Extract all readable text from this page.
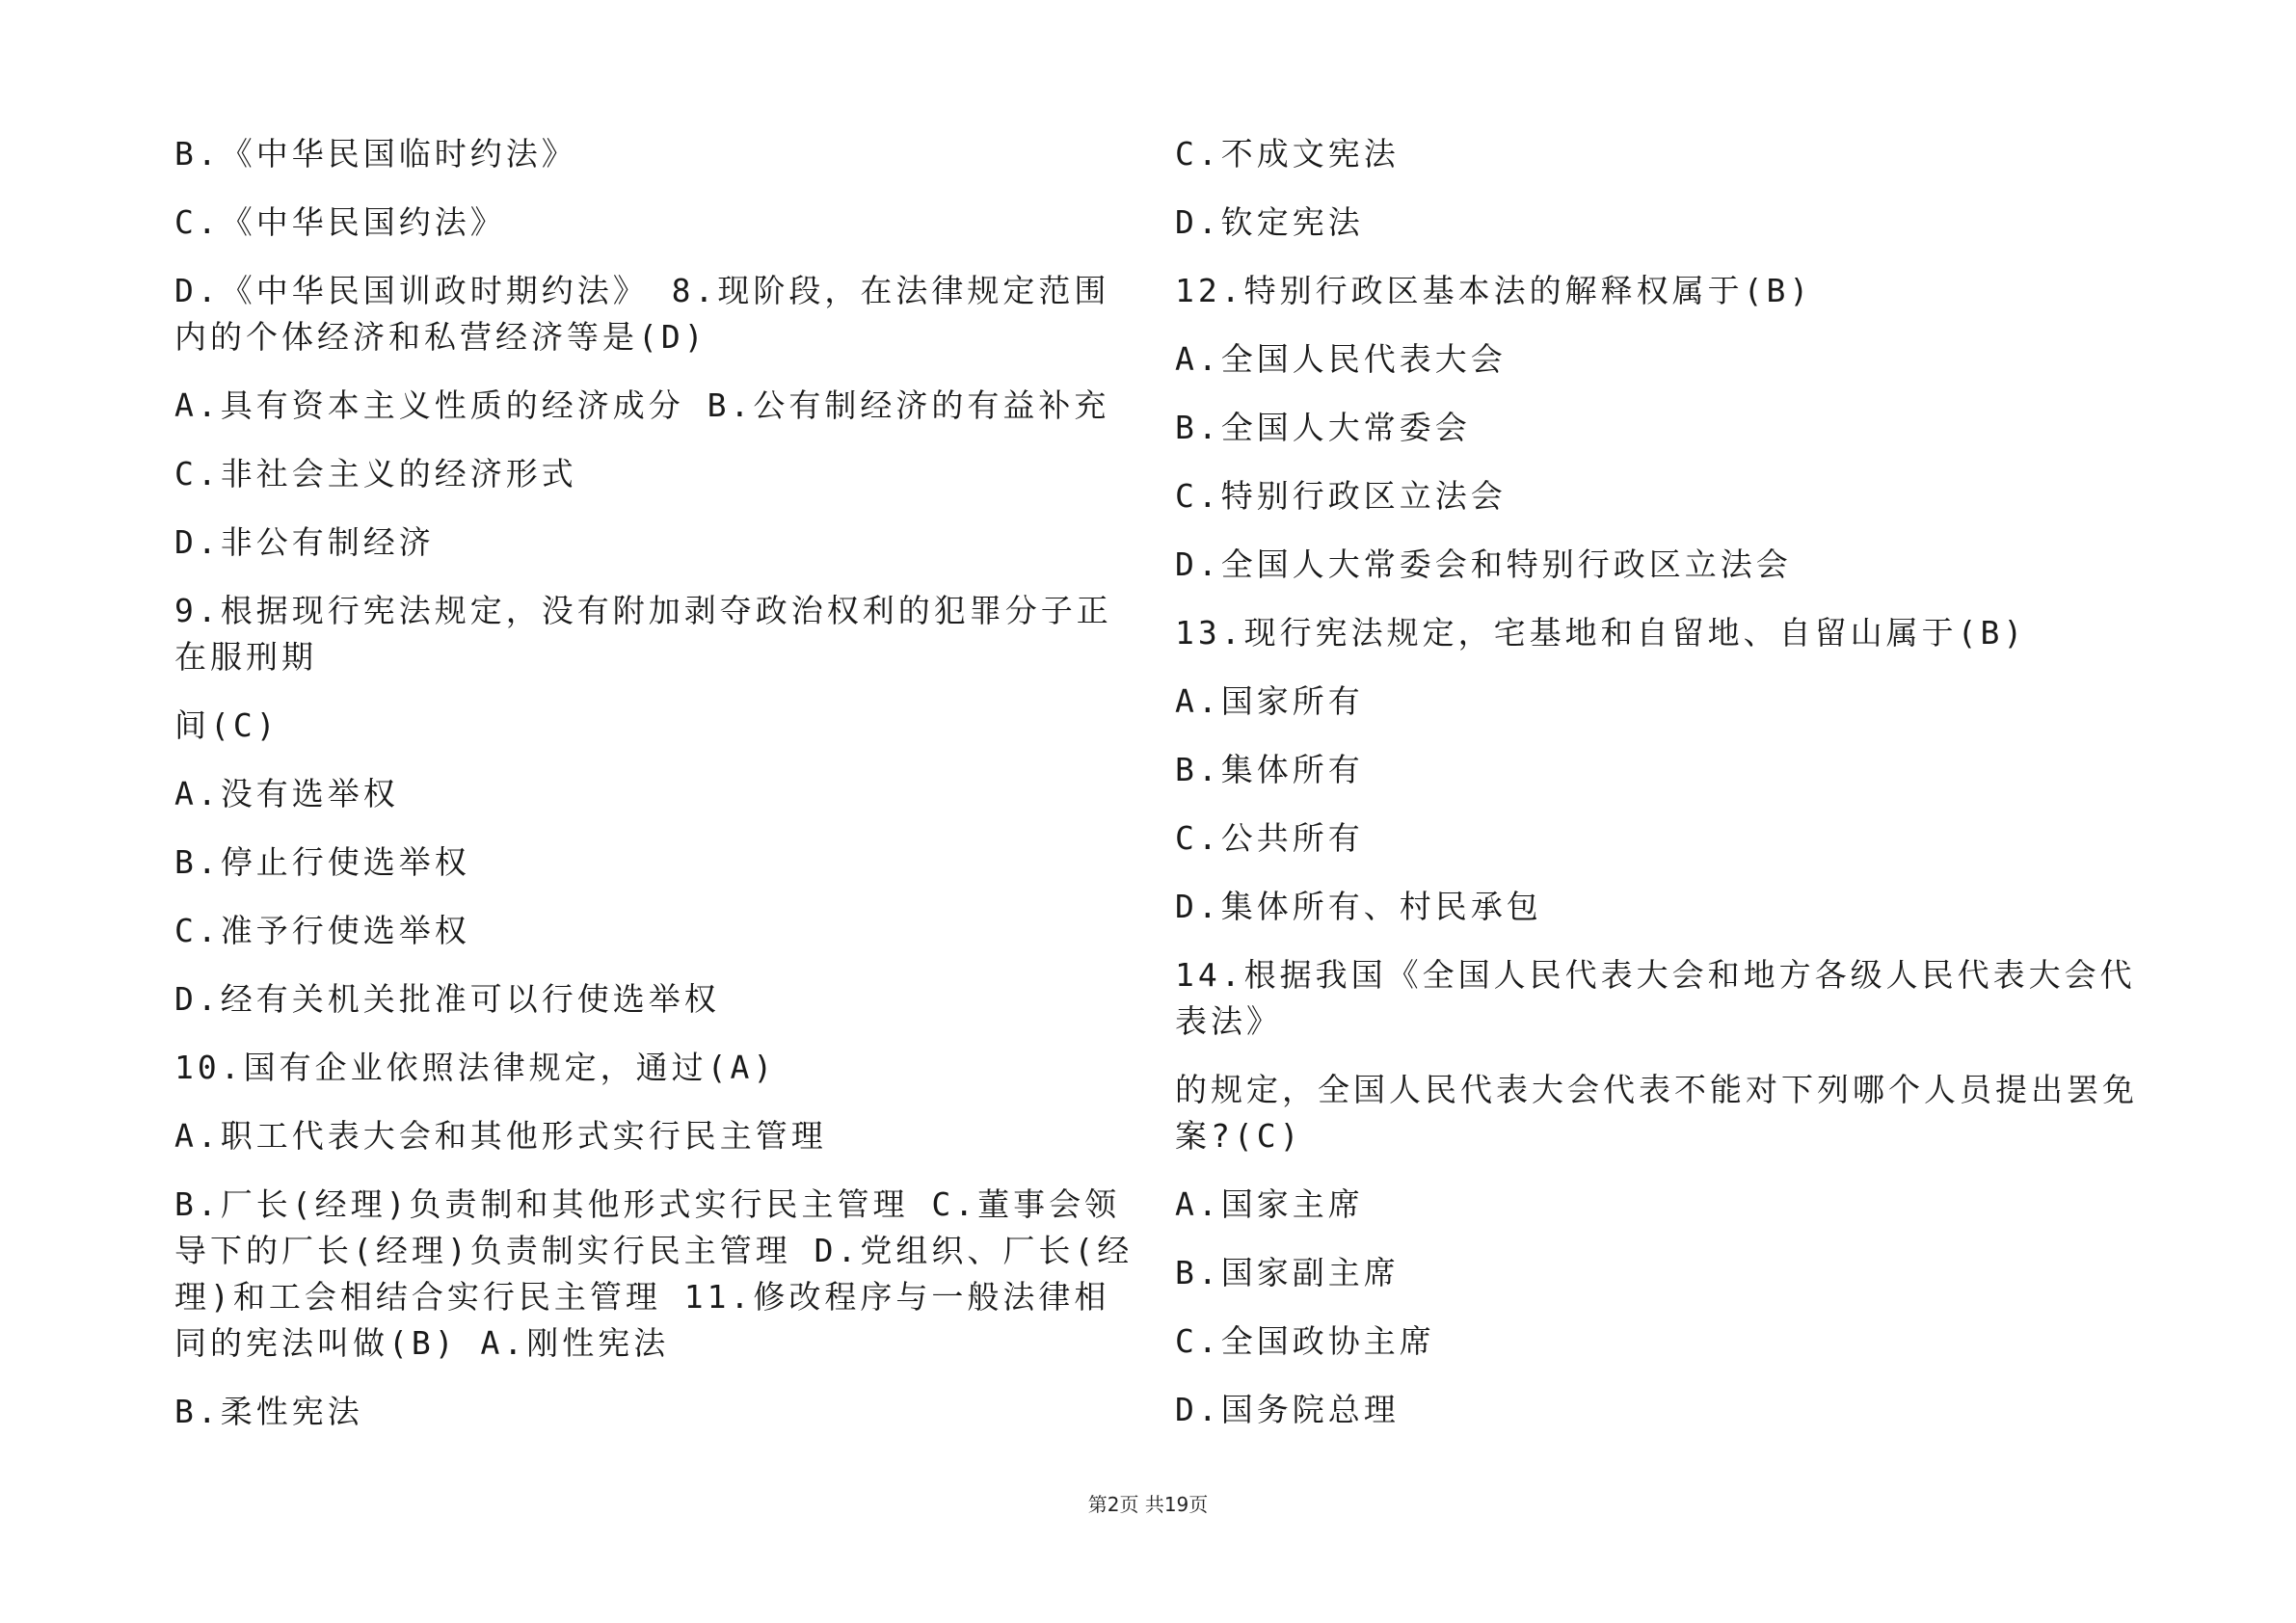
B.《中华民国临时约法》

C.《中华民国约法》

D.《中华民国训政时期约法》 8.现阶段，在法律规定范围内的个体经济和私营经济等是(D)

A.具有资本主义性质的经济成分 B.公有制经济的有益补充

C.非社会主义的经济形式

D.非公有制经济

9.根据现行宪法规定，没有附加剥夺政治权利的犯罪分子正在服刑期

间(C)

A.没有选举权

B.停止行使选举权

C.准予行使选举权

D.经有关机关批准可以行使选举权

10.国有企业依照法律规定，通过(A)

A.职工代表大会和其他形式实行民主管理

B.厂长(经理)负责制和其他形式实行民主管理 C.董事会领导下的厂长(经理)负责制实行民主管理 D.党组织、厂长(经理)和工会相结合实行民主管理 11.修改程序与一般法律相同的宪法叫做(B) A.刚性宪法

B.柔性宪法

C.不成文宪法

D.钦定宪法

12.特别行政区基本法的解释权属于(B)

A.全国人民代表大会

B.全国人大常委会

C.特别行政区立法会

D.全国人大常委会和特别行政区立法会

13.现行宪法规定，宅基地和自留地、自留山属于(B)

A.国家所有

B.集体所有

C.公共所有

D.集体所有、村民承包

14.根据我国《全国人民代表大会和地方各级人民代表大会代表法》

的规定，全国人民代表大会代表不能对下列哪个人员提出罢免案?(C)

A.国家主席

B.国家副主席

C.全国政协主席

D.国务院总理

第2页 共19页
